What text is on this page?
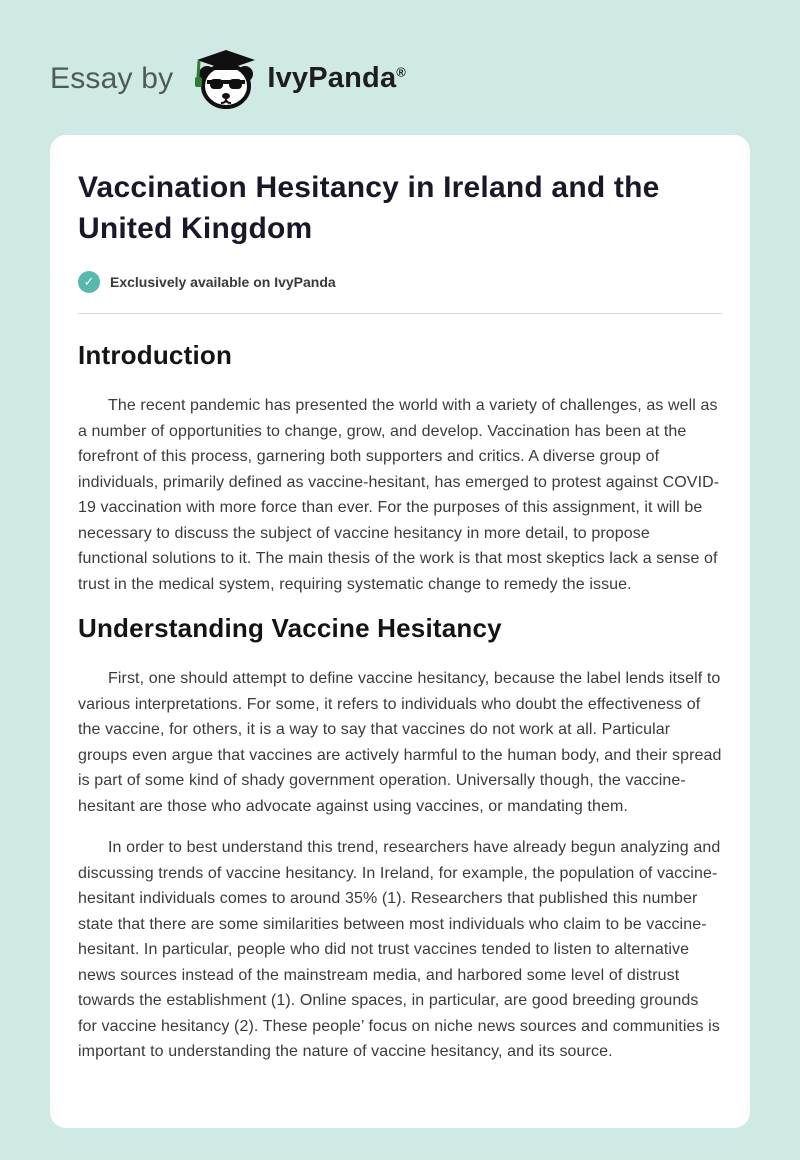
Essay by	IvyPanda®
Vaccination Hesitancy in Ireland and the United Kingdom
✓	Exclusively available on IvyPanda
Introduction

The recent pandemic has presented the world with a variety of challenges, as well as a number of opportunities to change, grow, and develop. Vaccination has been at the forefront of this process, garnering both supporters and critics. A diverse group of individuals, primarily defined as vaccine-hesitant, has emerged to protest against COVID-19 vaccination with more force than ever. For the purposes of this assignment, it will be necessary to discuss the subject of vaccine hesitancy in more detail, to propose functional solutions to it. The main thesis of the work is that most skeptics lack a sense of trust in the medical system, requiring systematic change to remedy the issue.

Understanding Vaccine Hesitancy

First, one should attempt to define vaccine hesitancy, because the label lends itself to various interpretations. For some, it refers to individuals who doubt the effectiveness of the vaccine, for others, it is a way to say that vaccines do not work at all. Particular groups even argue that vaccines are actively harmful to the human body, and their spread is part of some kind of shady government operation. Universally though, the vaccine-hesitant are those who advocate against using vaccines, or mandating them.

In order to best understand this trend, researchers have already begun analyzing and discussing trends of vaccine hesitancy. In Ireland, for example, the population of vaccine-hesitant individuals comes to around 35% (1). Researchers that published this number state that there are some similarities between most individuals who claim to be vaccine-hesitant. In particular, people who did not trust vaccines tended to listen to alternative news sources instead of the mainstream media, and harbored some level of distrust towards the establishment (1). Online spaces, in particular, are good breeding grounds for vaccine hesitancy (2). These people’ focus on niche news sources and communities is important to understanding the nature of vaccine hesitancy, and its source.
